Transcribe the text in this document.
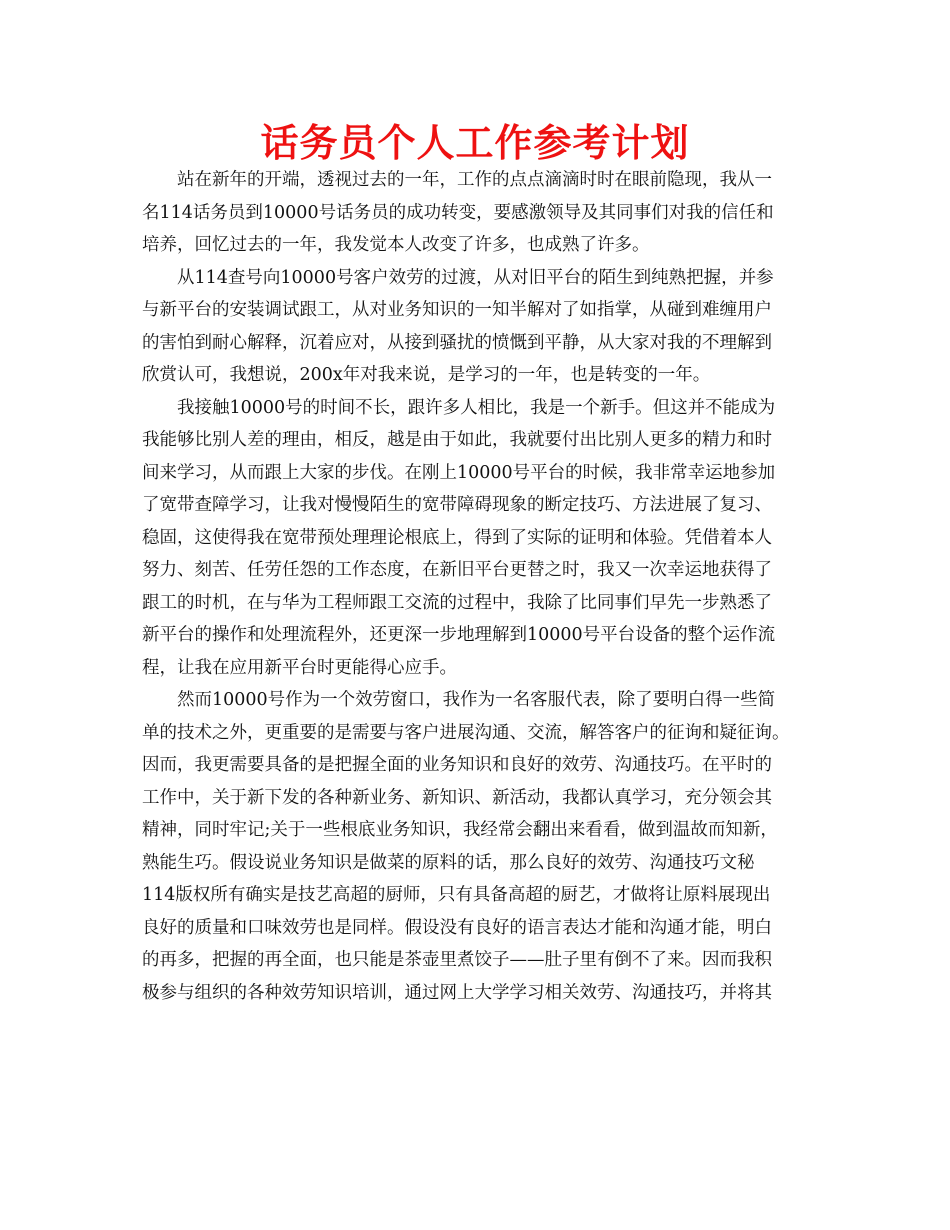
话务员个人工作参考计划
站在新年的开端，透视过去的一年，工作的点点滴滴时时在眼前隐现，我从一
名114话务员到10000号话务员的成功转变，要感激领导及其同事们对我的信任和
培养，回忆过去的一年，我发觉本人改变了许多，也成熟了许多。
从114查号向10000号客户效劳的过渡，从对旧平台的陌生到纯熟把握，并参
与新平台的安装调试跟工，从对业务知识的一知半解对了如指掌，从碰到难缠用户
的害怕到耐心解释，沉着应对，从接到骚扰的愤慨到平静，从大家对我的不理解到
欣赏认可，我想说，200x年对我来说，是学习的一年，也是转变的一年。
我接触10000号的时间不长，跟许多人相比，我是一个新手。但这并不能成为
我能够比别人差的理由，相反，越是由于如此，我就要付出比别人更多的精力和时
间来学习，从而跟上大家的步伐。在刚上10000号平台的时候，我非常幸运地参加
了宽带查障学习，让我对慢慢陌生的宽带障碍现象的断定技巧、方法进展了复习、
稳固，这使得我在宽带预处理理论根底上，得到了实际的证明和体验。凭借着本人
努力、刻苦、任劳任怨的工作态度，在新旧平台更替之时，我又一次幸运地获得了
跟工的时机，在与华为工程师跟工交流的过程中，我除了比同事们早先一步熟悉了
新平台的操作和处理流程外，还更深一步地理解到10000号平台设备的整个运作流
程，让我在应用新平台时更能得心应手。
然而10000号作为一个效劳窗口，我作为一名客服代表，除了要明白得一些简
单的技术之外，更重要的是需要与客户进展沟通、交流，解答客户的征询和疑征询。
因而，我更需要具备的是把握全面的业务知识和良好的效劳、沟通技巧。在平时的
工作中，关于新下发的各种新业务、新知识、新活动，我都认真学习，充分领会其
精神，同时牢记;关于一些根底业务知识，我经常会翻出来看看，做到温故而知新，
熟能生巧。假设说业务知识是做菜的原料的话，那么良好的效劳、沟通技巧文秘
114版权所有确实是技艺高超的厨师，只有具备高超的厨艺，才做将让原料展现出
良好的质量和口味效劳也是同样。假设没有良好的语言表达才能和沟通才能，明白
的再多，把握的再全面，也只能是茶壶里煮饺子——肚子里有倒不了来。因而我积
极参与组织的各种效劳知识培训，通过网上大学学习相关效劳、沟通技巧，并将其
